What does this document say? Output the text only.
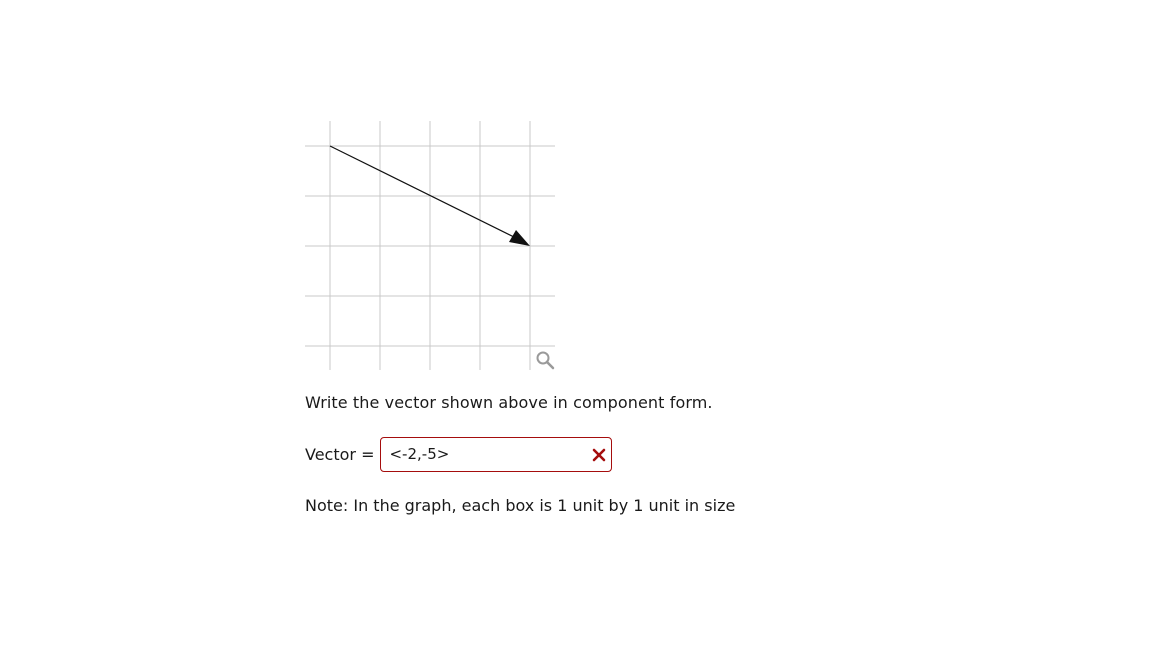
Write the vector shown above in component form.
Vector =
<-2,-5>
Note: In the graph, each box is 1 unit by 1 unit in size
